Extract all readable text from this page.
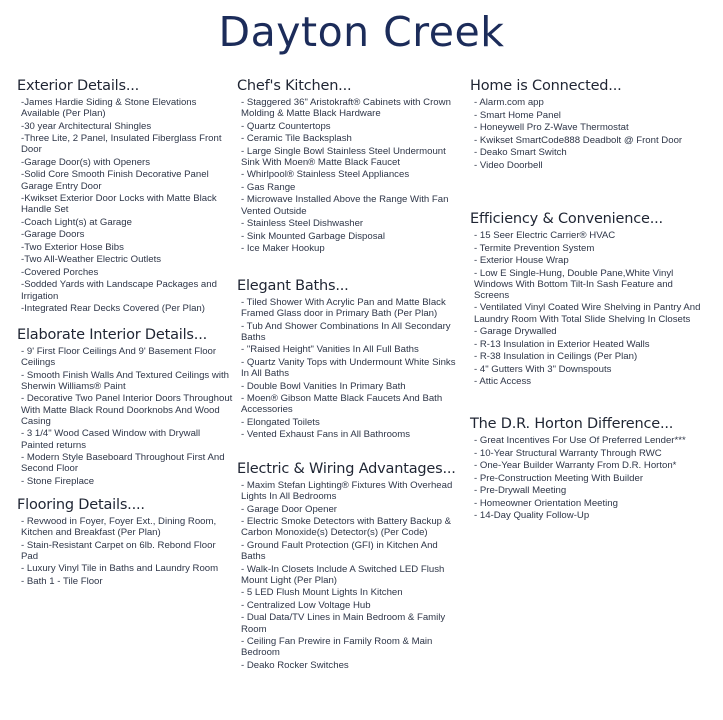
Dayton Creek
Exterior Details...
-James Hardie Siding & Stone Elevations Available (Per Plan)
-30 year Architectural Shingles
-Three Lite, 2 Panel, Insulated Fiberglass Front Door
-Garage Door(s) with Openers
-Solid Core Smooth Finish Decorative Panel Garage Entry Door
-Kwikset Exterior Door Locks with Matte Black Handle Set
-Coach Light(s) at Garage
-Garage Doors
-Two Exterior Hose Bibs
-Two All-Weather Electric Outlets
-Covered Porches
-Sodded Yards with Landscape Packages and Irrigation
-Integrated Rear Decks Covered (Per Plan)
Elaborate Interior Details...
- 9' First Floor Ceilings And 9' Basement Floor Ceilings
- Smooth Finish Walls And Textured Ceilings with Sherwin Williams® Paint
- Decorative Two Panel Interior Doors Throughout With Matte Black Round Doorknobs And Wood Casing
- 3 1/4" Wood Cased Window with Drywall Painted returns
- Modern Style Baseboard Throughout First And Second Floor
- Stone Fireplace
Flooring Details....
- Revwood in Foyer, Foyer Ext., Dining Room, Kitchen and Breakfast (Per Plan)
- Stain-Resistant Carpet on 6lb. Rebond Floor Pad
- Luxury Vinyl Tile in Baths and Laundry Room
- Bath 1 - Tile Floor
Chef's Kitchen...
- Staggered 36" Aristokraft® Cabinets with Crown Molding & Matte Black Hardware
- Quartz Countertops
- Ceramic Tile Backsplash
- Large Single Bowl Stainless Steel Undermount Sink With Moen® Matte Black Faucet
- Whirlpool® Stainless Steel Appliances
- Gas Range
- Microwave Installed Above the Range With Fan Vented Outside
- Stainless Steel Dishwasher
- Sink Mounted Garbage Disposal
- Ice Maker Hookup
Elegant Baths...
- Tiled Shower With Acrylic Pan and Matte Black Framed Glass door in Primary Bath (Per Plan)
- Tub And Shower Combinations In All Secondary Baths
- "Raised Height" Vanities In All Full Baths
- Quartz Vanity Tops with Undermount White Sinks In All Baths
- Double Bowl Vanities In Primary Bath
- Moen® Gibson Matte Black Faucets And Bath Accessories
- Elongated Toilets
- Vented Exhaust Fans in All Bathrooms
Electric & Wiring Advantages...
- Maxim Stefan Lighting® Fixtures With Overhead Lights In All Bedrooms
- Garage Door Opener
- Electric Smoke Detectors with Battery Backup & Carbon Monoxide(s) Detector(s) (Per Code)
- Ground Fault Protection (GFI) in Kitchen And Baths
- Walk-In Closets Include A Switched LED Flush Mount Light (Per Plan)
- 5 LED Flush Mount Lights In Kitchen
- Centralized Low Voltage Hub
- Dual Data/TV Lines in Main Bedroom & Family Room
- Ceiling Fan Prewire in Family Room & Main Bedroom
- Deako Rocker Switches
Home is Connected...
- Alarm.com app
- Smart Home Panel
- Honeywell Pro Z-Wave Thermostat
- Kwikset SmartCode888 Deadbolt @ Front Door
- Deako Smart Switch
- Video Doorbell
Efficiency & Convenience...
- 15 Seer Electric Carrier® HVAC
- Termite Prevention System
- Exterior House Wrap
- Low E Single-Hung, Double Pane,White Vinyl Windows With Bottom Tilt-In Sash Feature and Screens
- Ventilated Vinyl Coated Wire Shelving in Pantry And Laundry Room With Total Slide Shelving In Closets
- Garage Drywalled
- R-13 Insulation in Exterior Heated Walls
- R-38 Insulation in Ceilings (Per Plan)
- 4" Gutters With 3" Downspouts
- Attic Access
The D.R. Horton Difference...
- Great Incentives For Use Of Preferred Lender***
- 10-Year Structural Warranty Through RWC
- One-Year Builder Warranty From D.R. Horton*
- Pre-Construction Meeting With Builder
- Pre-Drywall Meeting
- Homeowner Orientation Meeting
- 14-Day Quality Follow-Up
